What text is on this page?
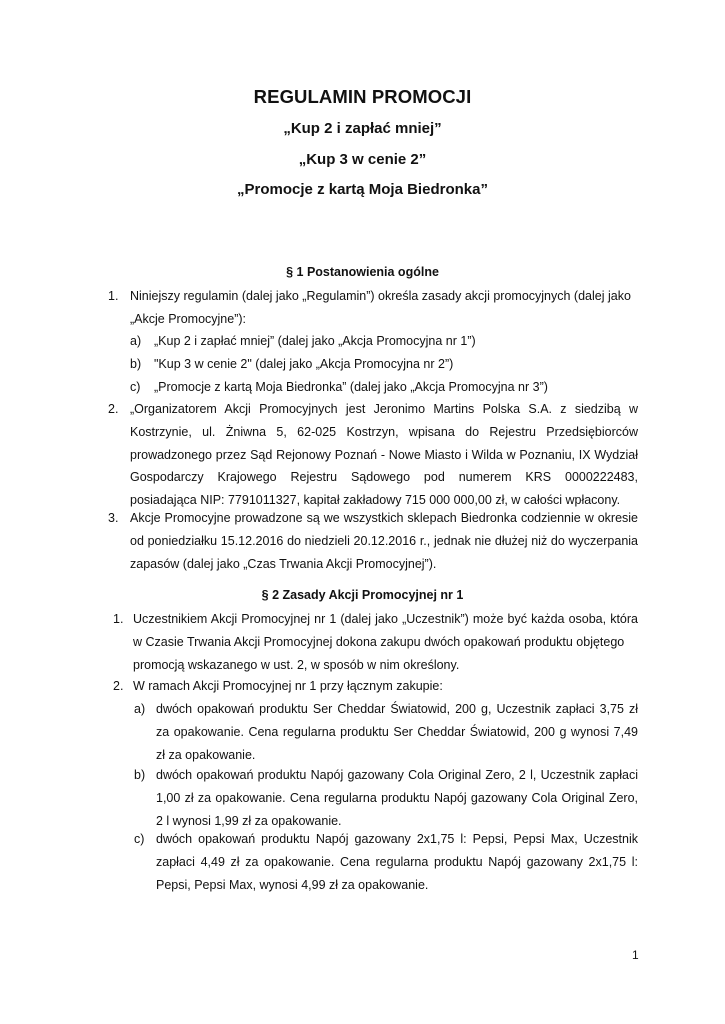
REGULAMIN PROMOCJI
„Kup 2 i zapłać mniej”
„Kup 3 w cenie 2”
„Promocje z kartą Moja Biedronka”
§ 1 Postanowienia ogólne
1. Niniejszy regulamin (dalej jako „Regulamin”) określa zasady akcji promocyjnych (dalej jako
„Akcje Promocyjne”):
a) „Kup 2 i zapłać mniej” (dalej jako „Akcja Promocyjna nr 1”)
b) "Kup 3 w cenie 2" (dalej jako „Akcja Promocyjna nr 2”)
c) „Promocje z kartą Moja Biedronka” (dalej jako „Akcja Promocyjna nr 3”)
2. „Organizatorem Akcji Promocyjnych jest Jeronimo Martins Polska S.A. z siedzibą w
Kostrzynie, ul. Żniwna 5, 62-025 Kostrzyn, wpisana do Rejestru Przedsiębiorców
prowadzonego przez Sąd Rejonowy Poznań - Nowe Miasto i Wilda w Poznaniu, IX Wydział
Gospodarczy Krajowego Rejestru Sądowego pod numerem KRS 0000222483,
posiadająca NIP: 7791011327, kapitał zakładowy 715 000 000,00 zł, w całości wpłacony.
3. Akcje Promocyjne prowadzone są we wszystkich sklepach Biedronka codziennie w okresie
od poniedziałku 15.12.2016 do niedzieli 20.12.2016 r., jednak nie dłużej niż do wyczerpania
zapasów (dalej jako „Czas Trwania Akcji Promocyjnej”).
§ 2 Zasady Akcji Promocyjnej nr 1
1. Uczestnikiem Akcji Promocyjnej nr 1 (dalej jako „Uczestnik”) może być każda osoba, która
w Czasie Trwania Akcji Promocyjnej dokona zakupu dwóch opakowań produktu objętego
promocją wskazanego w ust. 2, w sposób w nim określony.
2. W ramach Akcji Promocyjnej nr 1 przy łącznym zakupie:
a) dwóch opakowań produktu Ser Cheddar Światowid, 200 g, Uczestnik zapłaci 3,75 zł
za opakowanie. Cena regularna produktu Ser Cheddar Światowid, 200 g wynosi 7,49
zł za opakowanie.
b) dwóch opakowań produktu Napój gazowany Cola Original Zero, 2 l, Uczestnik zapłaci
1,00 zł za opakowanie. Cena regularna produktu Napój gazowany Cola Original Zero,
2 l wynosi 1,99 zł za opakowanie.
c) dwóch opakowań produktu Napój gazowany 2x1,75 l: Pepsi, Pepsi Max, Uczestnik
zapłaci 4,49 zł za opakowanie. Cena regularna produktu Napój gazowany 2x1,75 l:
Pepsi, Pepsi Max, wynosi 4,99 zł za opakowanie.
1
